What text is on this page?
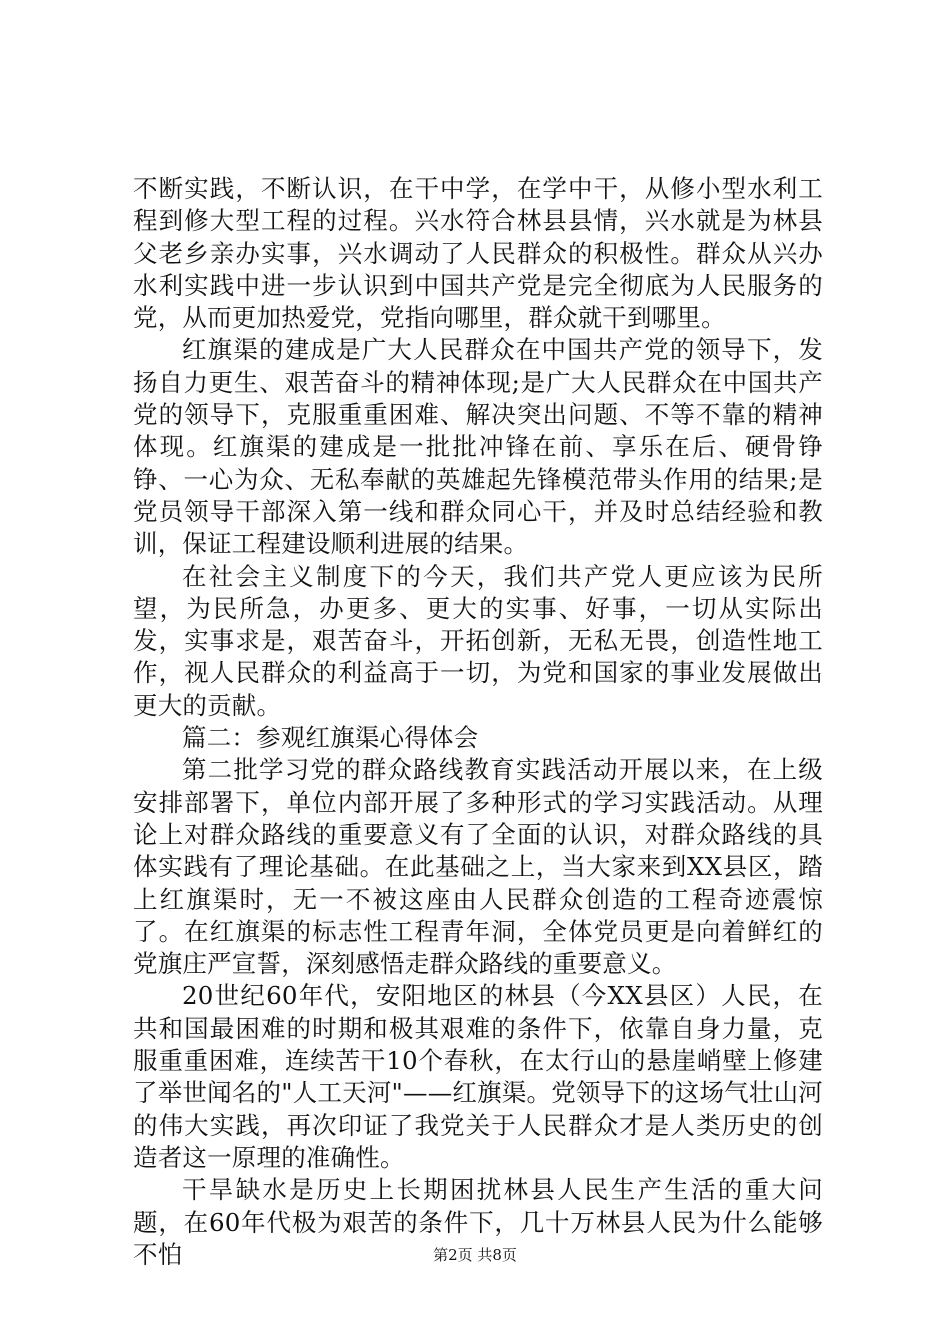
不断实践，不断认识，在干中学，在学中干，从修小型水利工程到修大型工程的过程。兴水符合林县县情，兴水就是为林县父老乡亲办实事，兴水调动了人民群众的积极性。群众从兴办水利实践中进一步认识到中国共产党是完全彻底为人民服务的党，从而更加热爱党，党指向哪里，群众就干到哪里。

红旗渠的建成是广大人民群众在中国共产党的领导下，发扬自力更生、艰苦奋斗的精神体现;是广大人民群众在中国共产党的领导下，克服重重困难、解决突出问题、不等不靠的精神体现。红旗渠的建成是一批批冲锋在前、享乐在后、硬骨铮铮、一心为众、无私奉献的英雄起先锋模范带头作用的结果;是党员领导干部深入第一线和群众同心干，并及时总结经验和教训，保证工程建设顺利进展的结果。

在社会主义制度下的今天，我们共产党人更应该为民所望，为民所急，办更多、更大的实事、好事，一切从实际出发，实事求是，艰苦奋斗，开拓创新，无私无畏，创造性地工作，视人民群众的利益高于一切，为党和国家的事业发展做出更大的贡献。

篇二：参观红旗渠心得体会

第二批学习党的群众路线教育实践活动开展以来，在上级安排部署下，单位内部开展了多种形式的学习实践活动。从理论上对群众路线的重要意义有了全面的认识，对群众路线的具体实践有了理论基础。在此基础之上，当大家来到XX县区，踏上红旗渠时，无一不被这座由人民群众创造的工程奇迹震惊了。在红旗渠的标志性工程青年洞，全体党员更是向着鲜红的党旗庄严宣誓，深刻感悟走群众路线的重要意义。

20世纪60年代，安阳地区的林县（今XX县区）人民，在共和国最困难的时期和极其艰难的条件下，依靠自身力量，克服重重困难，连续苦干10个春秋，在太行山的悬崖峭壁上修建了举世闻名的"人工天河"——红旗渠。党领导下的这场气壮山河的伟大实践，再次印证了我党关于人民群众才是人类历史的创造者这一原理的准确性。

干旱缺水是历史上长期困扰林县人民生产生活的重大问题，在60年代极为艰苦的条件下，几十万林县人民为什么能够不怕	第2页 共8页
